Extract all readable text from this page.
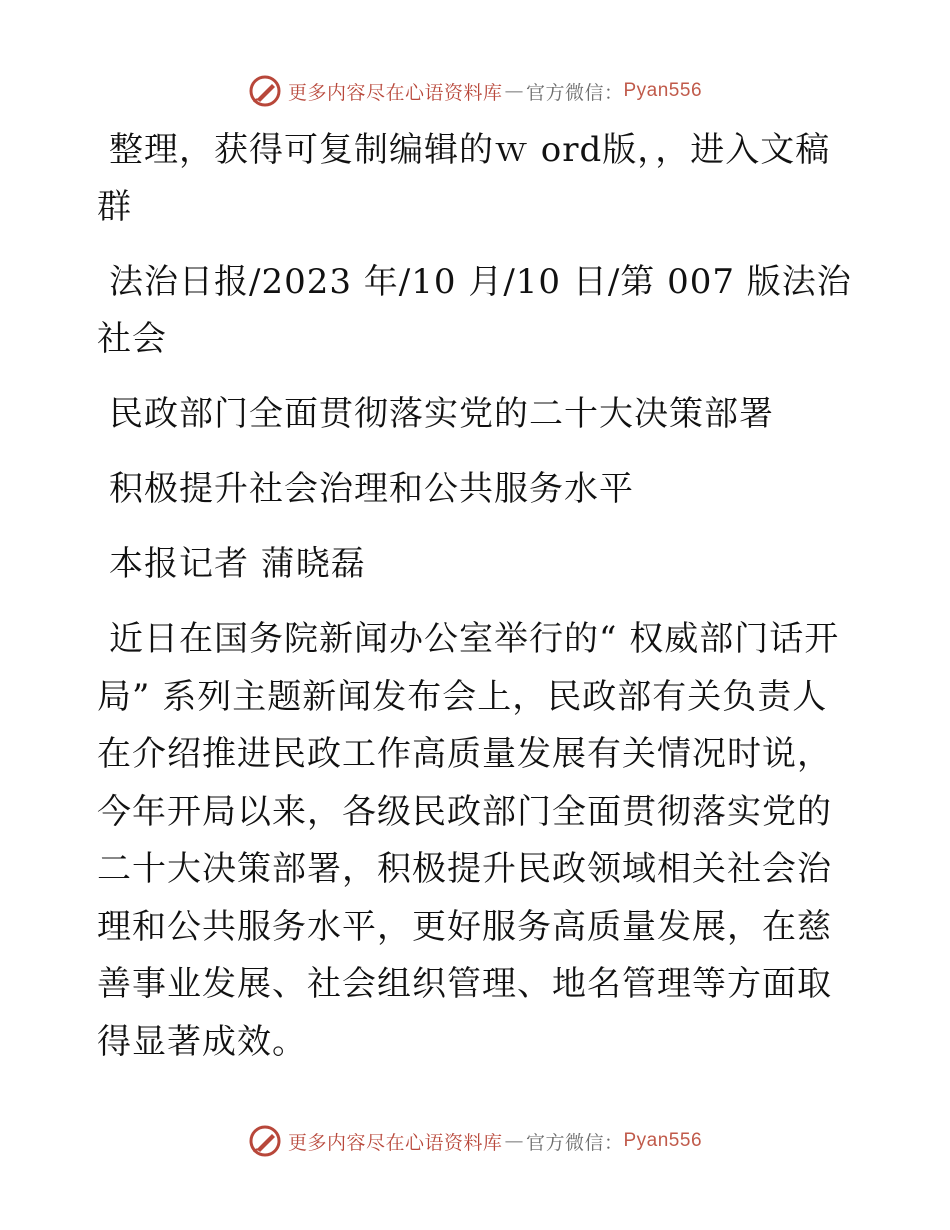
更多内容尽在心语资料库 — 官方微信： Pyan556

整理，获得可复制编辑的ｗ ord版，，进入文稿群

法治日报/2023 年/10 月/10 日/第 007 版法治社会

民政部门全面贯彻落实党的二十大决策部署

积极提升社会治理和公共服务水平

本报记者 蒲晓磊

近日在国务院新闻办公室举行的“ 权威部门话开局” 系列主题新闻发布会上，民政部有关负责人在介绍推进民政工作高质量发展有关情况时说，今年开局以来，各级民政部门全面贯彻落实党的二十大决策部署，积极提升民政领域相关社会治理和公共服务水平，更好服务高质量发展，在慈善事业发展、社会组织管理、地名管理等方面取得显著成效。

更多内容尽在心语资料库 — 官方微信： Pyan556
